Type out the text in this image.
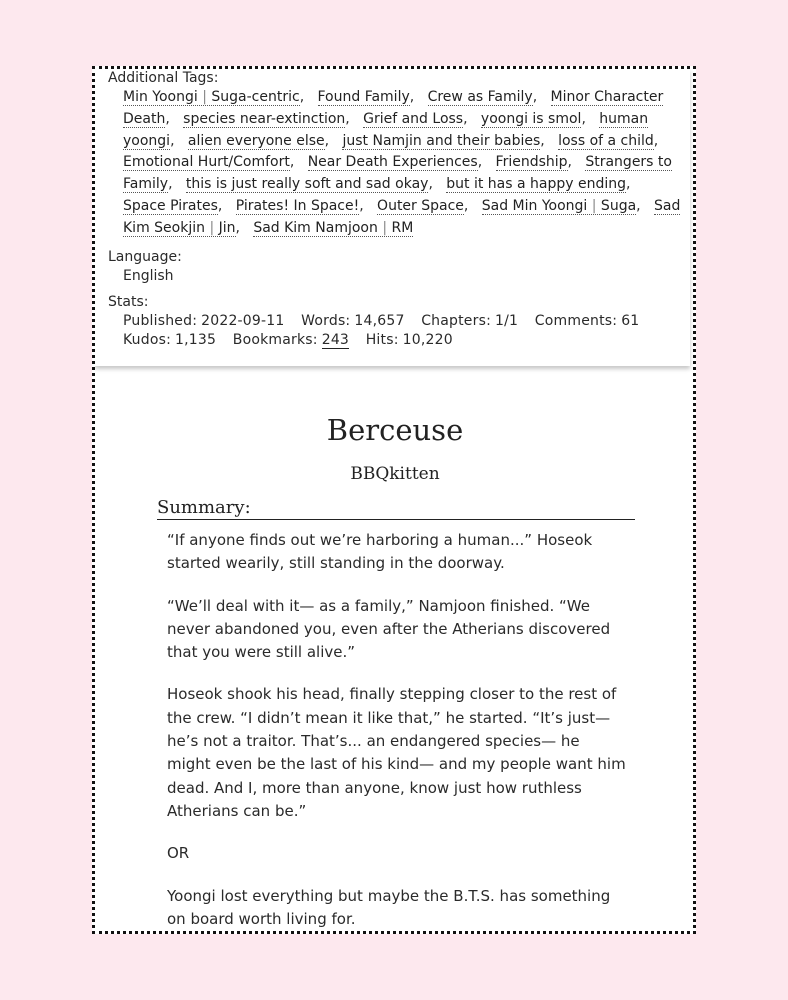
Additional Tags:
Min Yoongi | Suga-centric,   Found Family,   Crew as Family,   Minor Character Death,   species near-extinction,   Grief and Loss,   yoongi is smol,   human yoongi,   alien everyone else,   just Namjin and their babies,   loss of a child,   Emotional Hurt/Comfort,   Near Death Experiences,   Friendship,   Strangers to Family,   this is just really soft and sad okay,   but it has a happy ending,   Space Pirates,   Pirates! In Space!,   Outer Space,   Sad Min Yoongi | Suga,   Sad Kim Seokjin | Jin,   Sad Kim Namjoon | RM
Language:
English
Stats:
Published: 2022-09-11 Words: 14,657 Chapters: 1/1 Comments: 61
Kudos: 1,135 Bookmarks: 243 Hits: 10,220
Berceuse
BBQkitten
Summary:

“If anyone finds out we’re harboring a human...” Hoseok started wearily, still standing in the doorway.

“We’ll deal with it— as a family,” Namjoon finished. “We never abandoned you, even after the Atherians discovered that you were still alive.”

Hoseok shook his head, finally stepping closer to the rest of the crew. “I didn’t mean it like that,” he started. “It’s just— he’s not a traitor. That’s... an endangered species— he might even be the last of his kind— and my people want him dead. And I, more than anyone, know just how ruthless Atherians can be.”

OR

Yoongi lost everything but maybe the B.T.S. has something on board worth living for.
